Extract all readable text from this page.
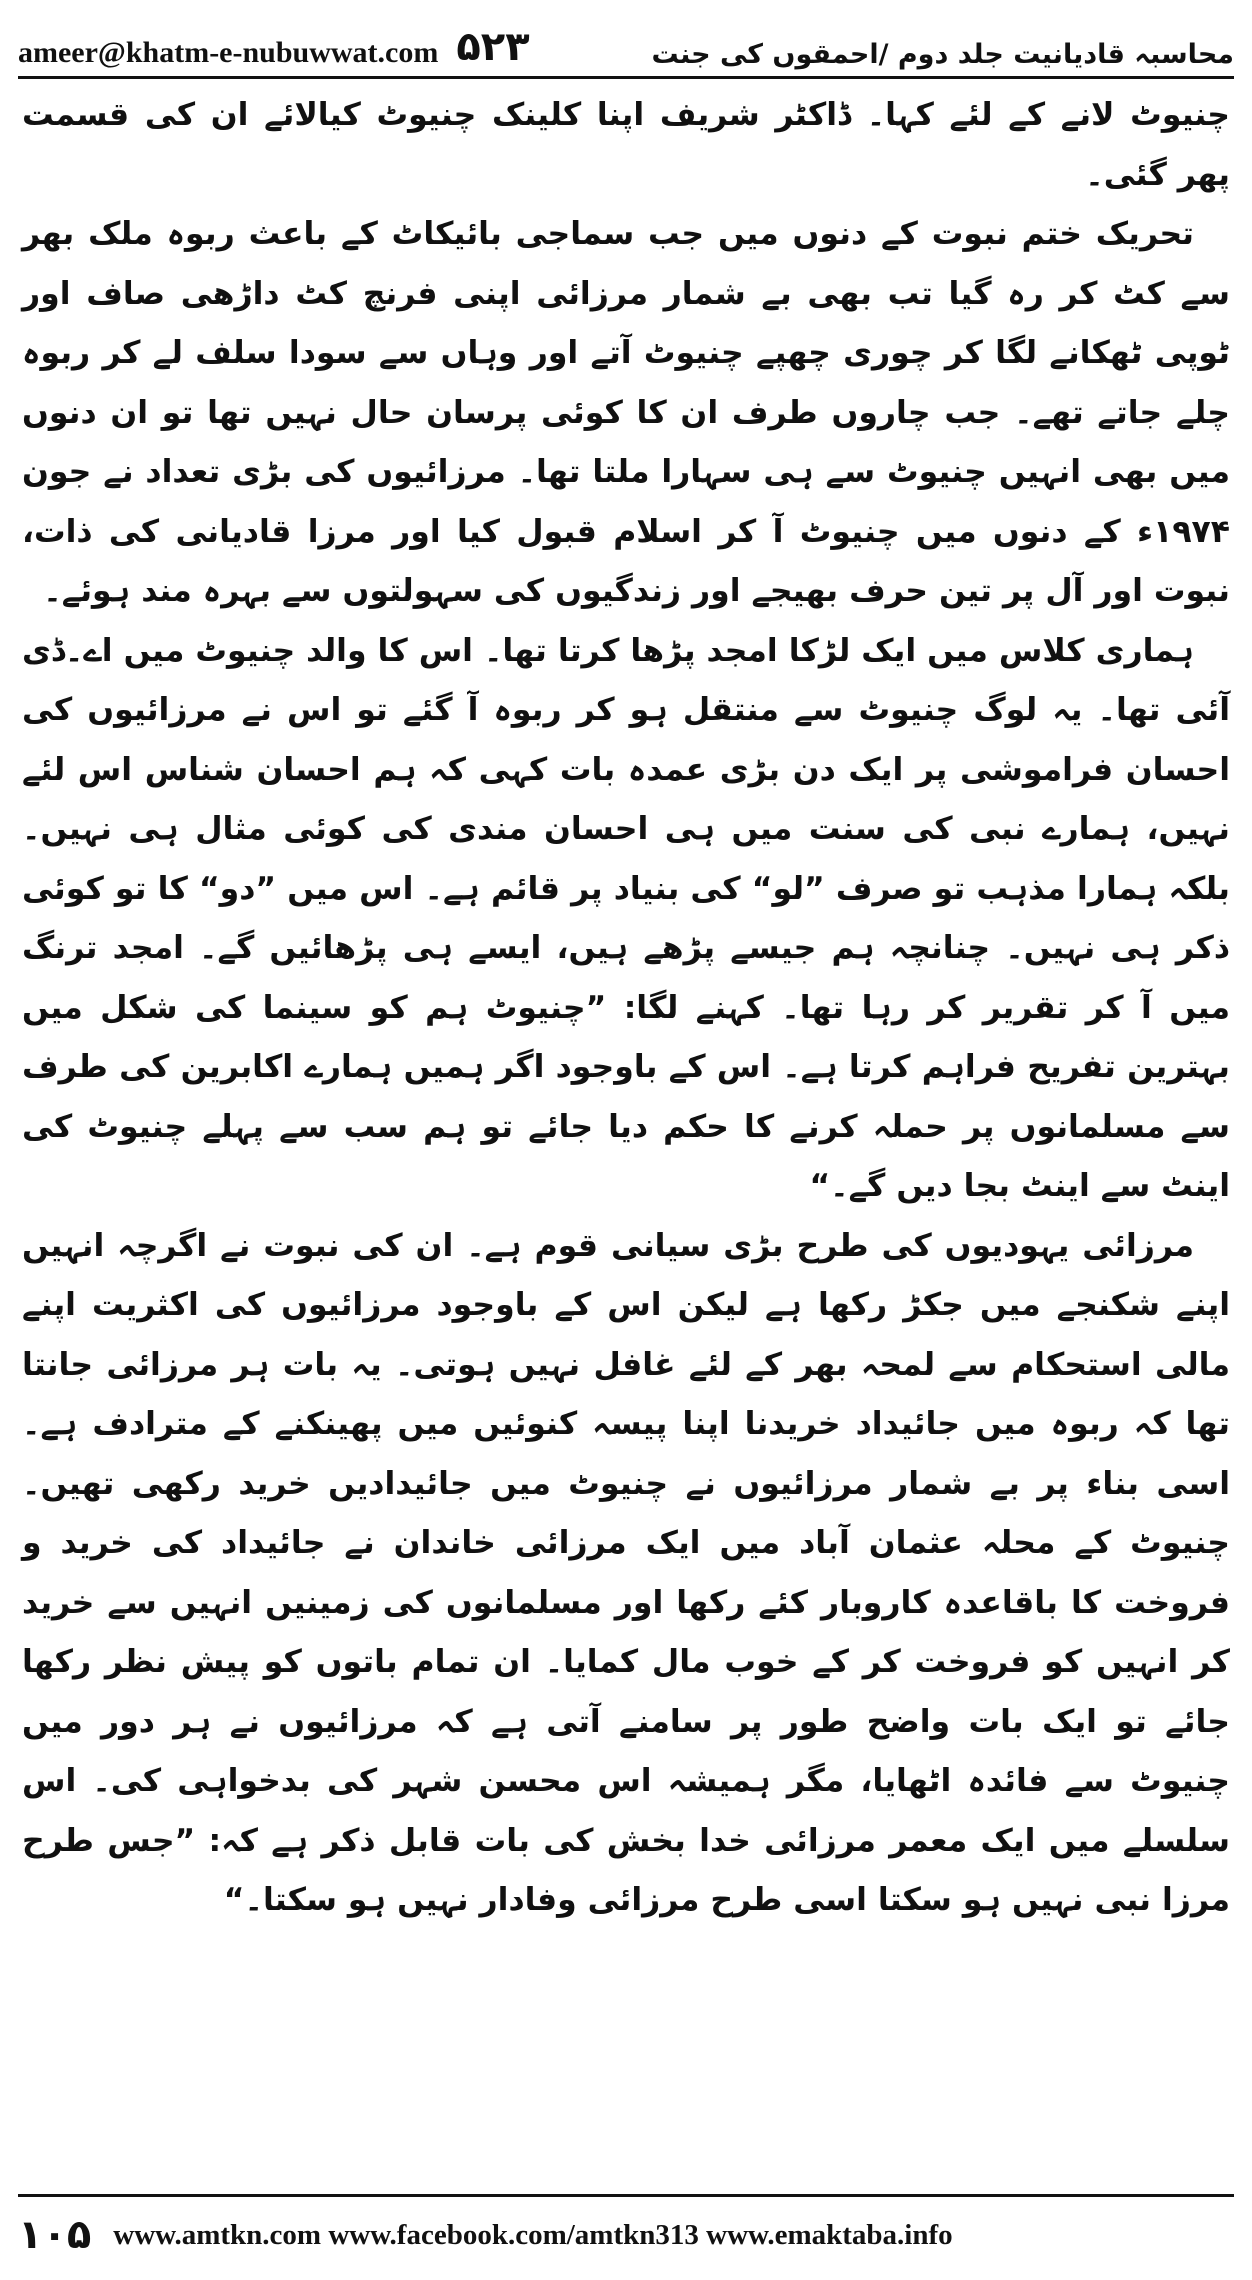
ameer@khatm-e-nubuwwat.com ۵۲۳	محاسبہ قادیانیت جلد دوم /احمقوں کی جنت

چنیوٹ لانے کے لئے کہا۔ ڈاکٹر شریف اپنا کلینک چنیوٹ کیالائے ان کی قسمت پھر گئی۔

تحریک ختم نبوت کے دنوں میں جب سماجی بائیکاٹ کے باعث ربوہ ملک بھر سے کٹ کر رہ گیا تب بھی بے شمار مرزائی اپنی فرنچ کٹ داڑھی صاف اور ٹوپی ٹھکانے لگا کر چوری چھپے چنیوٹ آتے اور وہاں سے سودا سلف لے کر ربوہ چلے جاتے تھے۔ جب چاروں طرف ان کا کوئی پرسان حال نہیں تھا تو ان دنوں میں بھی انہیں چنیوٹ سے ہی سہارا ملتا تھا۔ مرزائیوں کی بڑی تعداد نے جون ۱۹۷۴ء کے دنوں میں چنیوٹ آ کر اسلام قبول کیا اور مرزا قادیانی کی ذات، نبوت اور آل پر تین حرف بھیجے اور زندگیوں کی سہولتوں سے بہرہ مند ہوئے۔

ہماری کلاس میں ایک لڑکا امجد پڑھا کرتا تھا۔ اس کا والد چنیوٹ میں اے۔ڈی آئی تھا۔ یہ لوگ چنیوٹ سے منتقل ہو کر ربوہ آ گئے تو اس نے مرزائیوں کی احسان فراموشی پر ایک دن بڑی عمدہ بات کہی کہ ہم احسان شناس اس لئے نہیں، ہمارے نبی کی سنت میں ہی احسان مندی کی کوئی مثال ہی نہیں۔ بلکہ ہمارا مذہب تو صرف ”لو“ کی بنیاد پر قائم ہے۔ اس میں ”دو“ کا تو کوئی ذکر ہی نہیں۔ چنانچہ ہم جیسے پڑھے ہیں، ایسے ہی پڑھائیں گے۔ امجد ترنگ میں آ کر تقریر کر رہا تھا۔ کہنے لگا: ”چنیوٹ ہم کو سینما کی شکل میں بہترین تفریح فراہم کرتا ہے۔ اس کے باوجود اگر ہمیں ہمارے اکابرین کی طرف سے مسلمانوں پر حملہ کرنے کا حکم دیا جائے تو ہم سب سے پہلے چنیوٹ کی اینٹ سے اینٹ بجا دیں گے۔“

مرزائی یہودیوں کی طرح بڑی سیانی قوم ہے۔ ان کی نبوت نے اگرچہ انہیں اپنے شکنجے میں جکڑ رکھا ہے لیکن اس کے باوجود مرزائیوں کی اکثریت اپنے مالی استحکام سے لمحہ بھر کے لئے غافل نہیں ہوتی۔ یہ بات ہر مرزائی جانتا تھا کہ ربوہ میں جائیداد خریدنا اپنا پیسہ کنوئیں میں پھینکنے کے مترادف ہے۔ اسی بناء پر بے شمار مرزائیوں نے چنیوٹ میں جائیدادیں خرید رکھی تھیں۔ چنیوٹ کے محلہ عثمان آباد میں ایک مرزائی خاندان نے جائیداد کی خرید و فروخت کا باقاعدہ کاروبار کئے رکھا اور مسلمانوں کی زمینیں انہیں سے خرید کر انہیں کو فروخت کر کے خوب مال کمایا۔ ان تمام باتوں کو پیش نظر رکھا جائے تو ایک بات واضح طور پر سامنے آتی ہے کہ مرزائیوں نے ہر دور میں چنیوٹ سے فائدہ اٹھایا، مگر ہمیشہ اس محسن شہر کی بدخواہی کی۔ اس سلسلے میں ایک معمر مرزائی خدا بخش کی بات قابل ذکر ہے کہ: ”جس طرح مرزا نبی نہیں ہو سکتا اسی طرح مرزائی وفادار نہیں ہو سکتا۔“

۱۰۵ www.amtkn.com www.facebook.com/amtkn313 www.emaktaba.info
